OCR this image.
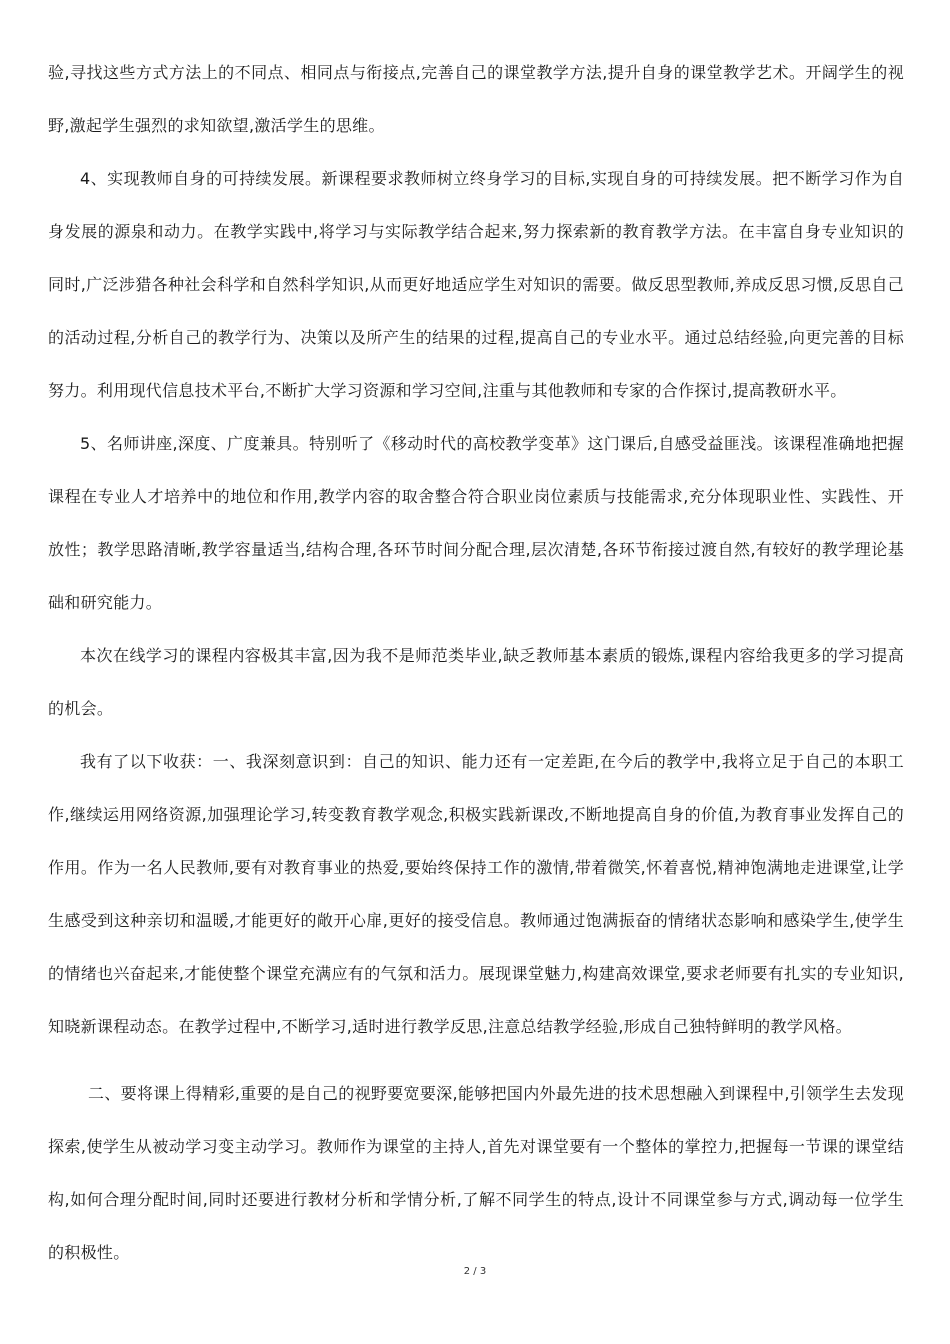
验,寻找这些方式方法上的不同点、相同点与衔接点,完善自己的课堂教学方法,提升自身的课堂教学艺术。开阔学生的视野,激起学生强烈的求知欲望,激活学生的思维。

4、实现教师自身的可持续发展。新课程要求教师树立终身学习的目标,实现自身的可持续发展。把不断学习作为自身发展的源泉和动力。在教学实践中,将学习与实际教学结合起来,努力探索新的教育教学方法。在丰富自身专业知识的同时,广泛涉猎各种社会科学和自然科学知识,从而更好地适应学生对知识的需要。做反思型教师,养成反思习惯,反思自己的活动过程,分析自己的教学行为、决策以及所产生的结果的过程,提高自己的专业水平。通过总结经验,向更完善的目标努力。利用现代信息技术平台,不断扩大学习资源和学习空间,注重与其他教师和专家的合作探讨,提高教研水平。

5、名师讲座,深度、广度兼具。特别听了《移动时代的高校教学变革》这门课后,自感受益匪浅。该课程准确地把握课程在专业人才培养中的地位和作用,教学内容的取舍整合符合职业岗位素质与技能需求,充分体现职业性、实践性、开放性；教学思路清晰,教学容量适当,结构合理,各环节时间分配合理,层次清楚,各环节衔接过渡自然,有较好的教学理论基础和研究能力。

本次在线学习的课程内容极其丰富,因为我不是师范类毕业,缺乏教师基本素质的锻炼,课程内容给我更多的学习提高的机会。

我有了以下收获：一、我深刻意识到：自己的知识、能力还有一定差距,在今后的教学中,我将立足于自己的本职工作,继续运用网络资源,加强理论学习,转变教育教学观念,积极实践新课改,不断地提高自身的价值,为教育事业发挥自己的作用。作为一名人民教师,要有对教育事业的热爱,要始终保持工作的激情,带着微笑,怀着喜悦,精神饱满地走进课堂,让学生感受到这种亲切和温暖,才能更好的敞开心扉,更好的接受信息。教师通过饱满振奋的情绪状态影响和感染学生,使学生的情绪也兴奋起来,才能使整个课堂充满应有的气氛和活力。展现课堂魅力,构建高效课堂,要求老师要有扎实的专业知识,知晓新课程动态。在教学过程中,不断学习,适时进行教学反思,注意总结教学经验,形成自己独特鲜明的教学风格。

二、要将课上得精彩,重要的是自己的视野要宽要深,能够把国内外最先进的技术思想融入到课程中,引领学生去发现探索,使学生从被动学习变主动学习。教师作为课堂的主持人,首先对课堂要有一个整体的掌控力,把握每一节课的课堂结构,如何合理分配时间,同时还要进行教材分析和学情分析,了解不同学生的特点,设计不同课堂参与方式,调动每一位学生的积极性。

2 / 3
